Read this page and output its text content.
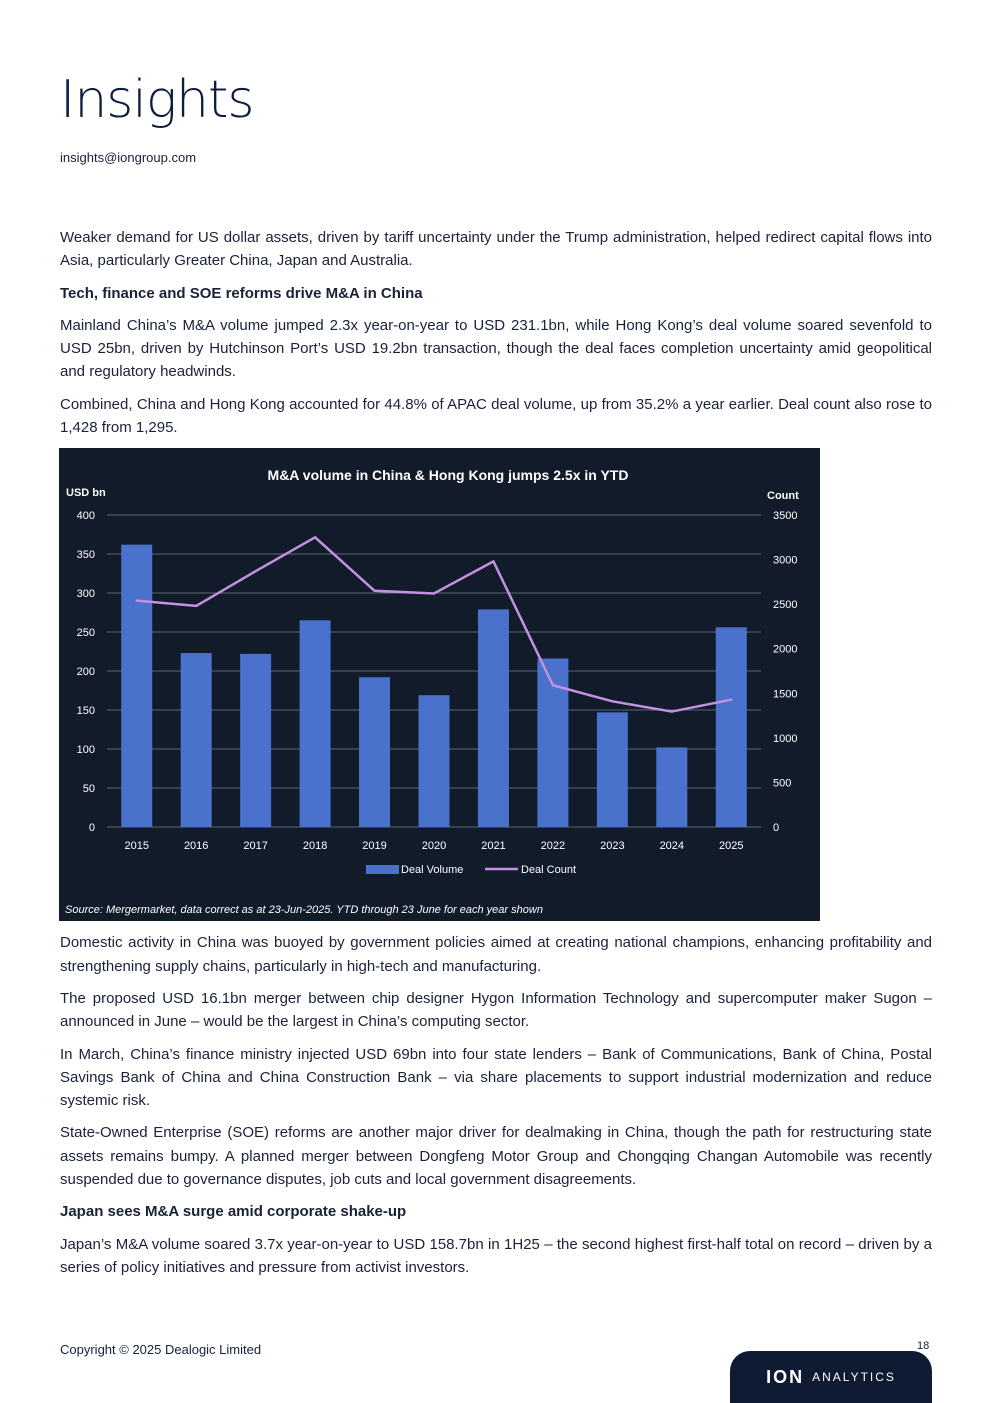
Insights
insights@iongroup.com

Weaker demand for US dollar assets, driven by tariff uncertainty under the Trump administration, helped redirect capital flows into Asia, particularly Greater China, Japan and Australia.

Tech, finance and SOE reforms drive M&A in China

Mainland China’s M&A volume jumped 2.3x year-on-year to USD 231.1bn, while Hong Kong’s deal volume soared sevenfold to USD 25bn, driven by Hutchinson Port’s USD 19.2bn transaction, though the deal faces completion uncertainty amid geopolitical and regulatory headwinds.

Combined, China and Hong Kong accounted for 44.8% of APAC deal volume, up from 35.2% a year earlier. Deal count also rose to 1,428 from 1,295.

M&A volume in China & Hong Kong jumps 2.5x in YTD
USD bn	Count
0
50
100
150
200
250
300
350
400
0
500
1000
1500
2000
2500
3000
3500
2015	2016	2017	2018	2019	2020	2021	2022	2023	2024	2025
Deal Volume	Deal Count
Source: Mergermarket, data correct as at 23-Jun-2025. YTD through 23 June for each year shown

Domestic activity in China was buoyed by government policies aimed at creating national champions, enhancing profitability and strengthening supply chains, particularly in high-tech and manufacturing.

The proposed USD 16.1bn merger between chip designer Hygon Information Technology and supercomputer maker Sugon – announced in June – would be the largest in China’s computing sector.

In March, China’s finance ministry injected USD 69bn into four state lenders – Bank of Communications, Bank of China, Postal Savings Bank of China and China Construction Bank – via share placements to support industrial modernization and reduce systemic risk.

State-Owned Enterprise (SOE) reforms are another major driver for dealmaking in China, though the path for restructuring state assets remains bumpy. A planned merger between Dongfeng Motor Group and Chongqing Changan Automobile was recently suspended due to governance disputes, job cuts and local government disagreements.

Japan sees M&A surge amid corporate shake-up

Japan’s M&A volume soared 3.7x year-on-year to USD 158.7bn in 1H25 – the second highest first-half total on record – driven by a series of policy initiatives and pressure from activist investors.

Copyright © 2025 Dealogic Limited	18
ION ANALYTICS
